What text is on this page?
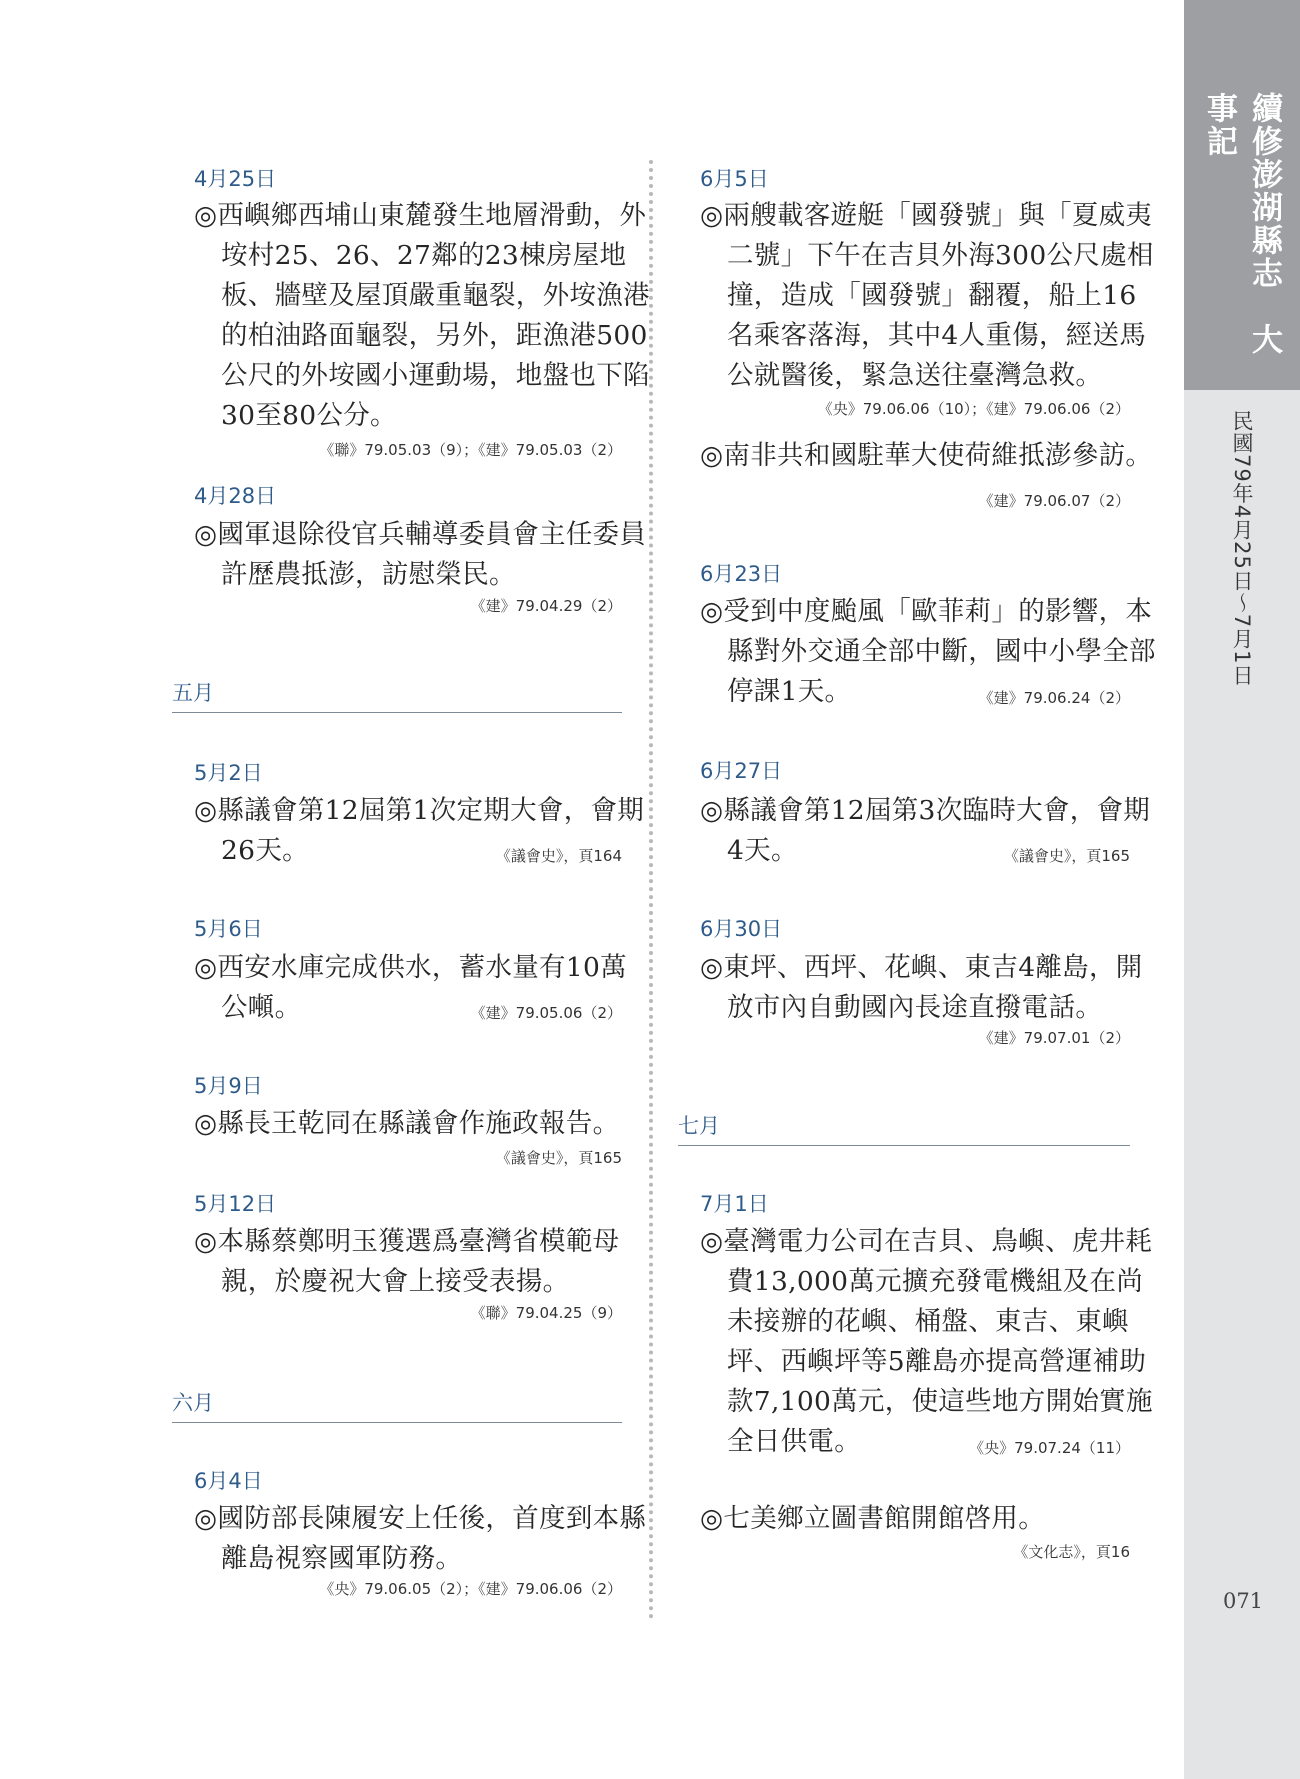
續修澎湖縣志　大事記
民國79年4月25日～7月1日
071
4月25日
◎西嶼鄉西埔山東麓發生地層滑動，外垵村25、26、27鄰的23棟房屋地板、牆壁及屋頂嚴重龜裂，外垵漁港的柏油路面龜裂，另外，距漁港500公尺的外垵國小運動場，地盤也下陷30至80公分。
《聯》79.05.03（9）；《建》79.05.03（2）
4月28日
◎國軍退除役官兵輔導委員會主任委員許歷農抵澎，訪慰榮民。
《建》79.04.29（2）
五月
5月2日
◎縣議會第12屆第1次定期大會，會期26天。	《議會史》，頁164
5月6日
◎西安水庫完成供水，蓄水量有10萬公噸。	《建》79.05.06（2）
5月9日
◎縣長王乾同在縣議會作施政報告。
《議會史》，頁165
5月12日
◎本縣蔡鄭明玉獲選爲臺灣省模範母親，於慶祝大會上接受表揚。
《聯》79.04.25（9）
六月
6月4日
◎國防部長陳履安上任後，首度到本縣離島視察國軍防務。
《央》79.06.05（2）；《建》79.06.06（2）
6月5日
◎兩艘載客遊艇「國發號」與「夏威夷二號」下午在吉貝外海300公尺處相撞，造成「國發號」翻覆，船上16名乘客落海，其中4人重傷，經送馬公就醫後，緊急送往臺灣急救。
《央》79.06.06（10）；《建》79.06.06（2）
◎南非共和國駐華大使荷維抵澎參訪。
《建》79.06.07（2）
6月23日
◎受到中度颱風「歐菲莉」的影響，本縣對外交通全部中斷，國中小學全部停課1天。	《建》79.06.24（2）
6月27日
◎縣議會第12屆第3次臨時大會，會期4天。	《議會史》，頁165
6月30日
◎東坪、西坪、花嶼、東吉4離島，開放市內自動國內長途直撥電話。
《建》79.07.01（2）
七月
7月1日
◎臺灣電力公司在吉貝、鳥嶼、虎井耗費13,000萬元擴充發電機組及在尚未接辦的花嶼、桶盤、東吉、東嶼坪、西嶼坪等5離島亦提高營運補助款7,100萬元，使這些地方開始實施全日供電。	《央》79.07.24（11）
◎七美鄉立圖書館開館啓用。
《文化志》，頁16
